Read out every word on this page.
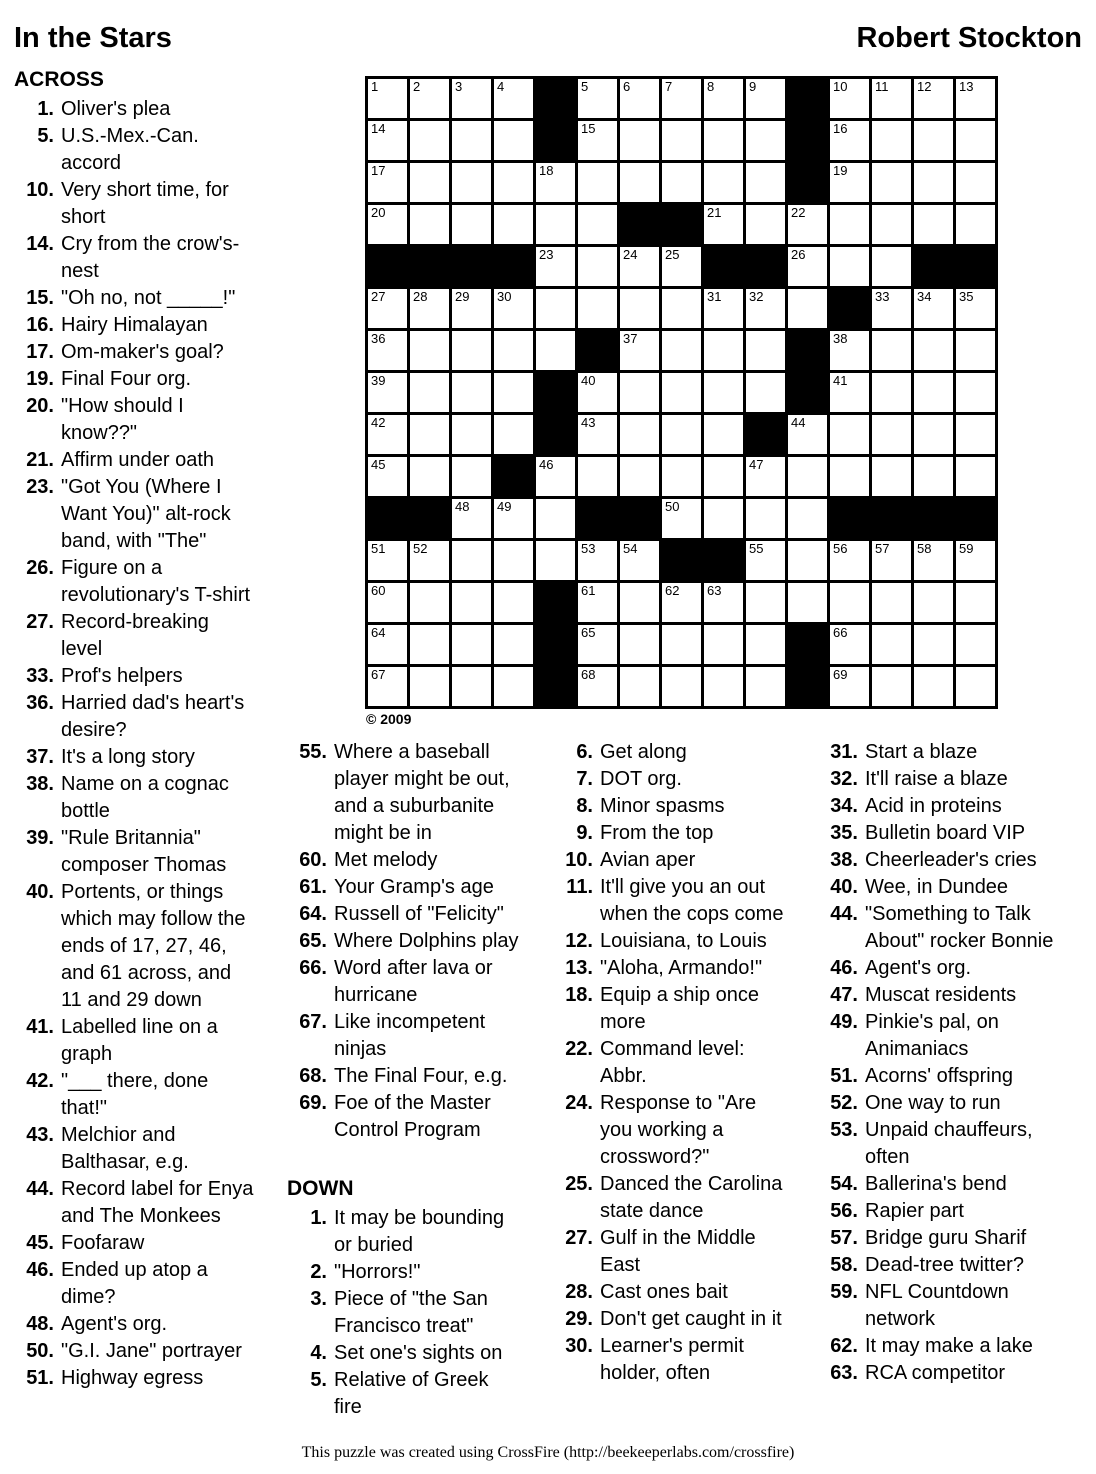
In the Stars	Robert Stockton
ACROSS
1. Oliver's plea
5. U.S.-Mex.-Can. accord
10. Very short time, for short
14. Cry from the crow's-nest
15. "Oh no, not _____!"
16. Hairy Himalayan
17. Om-maker's goal?
19. Final Four org.
20. "How should I know??"
21. Affirm under oath
23. "Got You (Where I Want You)" alt-rock band, with "The"
26. Figure on a revolutionary's T-shirt
27. Record-breaking level
33. Prof's helpers
36. Harried dad's heart's desire?
37. It's a long story
38. Name on a cognac bottle
39. "Rule Britannia" composer Thomas
40. Portents, or things which may follow the ends of 17, 27, 46, and 61 across, and 11 and 29 down
41. Labelled line on a graph
42. "___ there, done that!"
43. Melchior and Balthasar, e.g.
44. Record label for Enya and The Monkees
45. Foofaraw
46. Ended up atop a dime?
48. Agent's org.
50. "G.I. Jane" portrayer
51. Highway egress
1	2	3	4	5	6	7	8	9	10 11 12 13
14	15	16
17	18	19
20	21	22
23	24 25	26
27 28 29 30	31 32	33 34 35
36	37	38
39	40	41
42	43	44
45	46	47
48 49	50
51 52	53 54	55	56 57 58 59
60	61	62 63
64	65	66
67	68	69
© 2009
55. Where a baseball player might be out, and a suburbanite might be in
60. Met melody
61. Your Gramp's age
64. Russell of "Felicity"
65. Where Dolphins play
66. Word after lava or hurricane
67. Like incompetent ninjas
68. The Final Four, e.g.
69. Foe of the Master Control Program
DOWN
1. It may be bounding or buried
2. "Horrors!"
3. Piece of "the San Francisco treat"
4. Set one's sights on
5. Relative of Greek fire
6. Get along
7. DOT org.
8. Minor spasms
9. From the top
10. Avian aper
11. It'll give you an out when the cops come
12. Louisiana, to Louis
13. "Aloha, Armando!"
18. Equip a ship once more
22. Command level: Abbr.
24. Response to "Are you working a crossword?"
25. Danced the Carolina state dance
27. Gulf in the Middle East
28. Cast ones bait
29. Don't get caught in it
30. Learner's permit holder, often
31. Start a blaze
32. It'll raise a blaze
34. Acid in proteins
35. Bulletin board VIP
38. Cheerleader's cries
40. Wee, in Dundee
44. "Something to Talk About" rocker Bonnie
46. Agent's org.
47. Muscat residents
49. Pinkie's pal, on Animaniacs
51. Acorns' offspring
52. One way to run
53. Unpaid chauffeurs, often
54. Ballerina's bend
56. Rapier part
57. Bridge guru Sharif
58. Dead-tree twitter?
59. NFL Countdown network
62. It may make a lake
63. RCA competitor
This puzzle was created using CrossFire (http://beekeeperlabs.com/crossfire)
